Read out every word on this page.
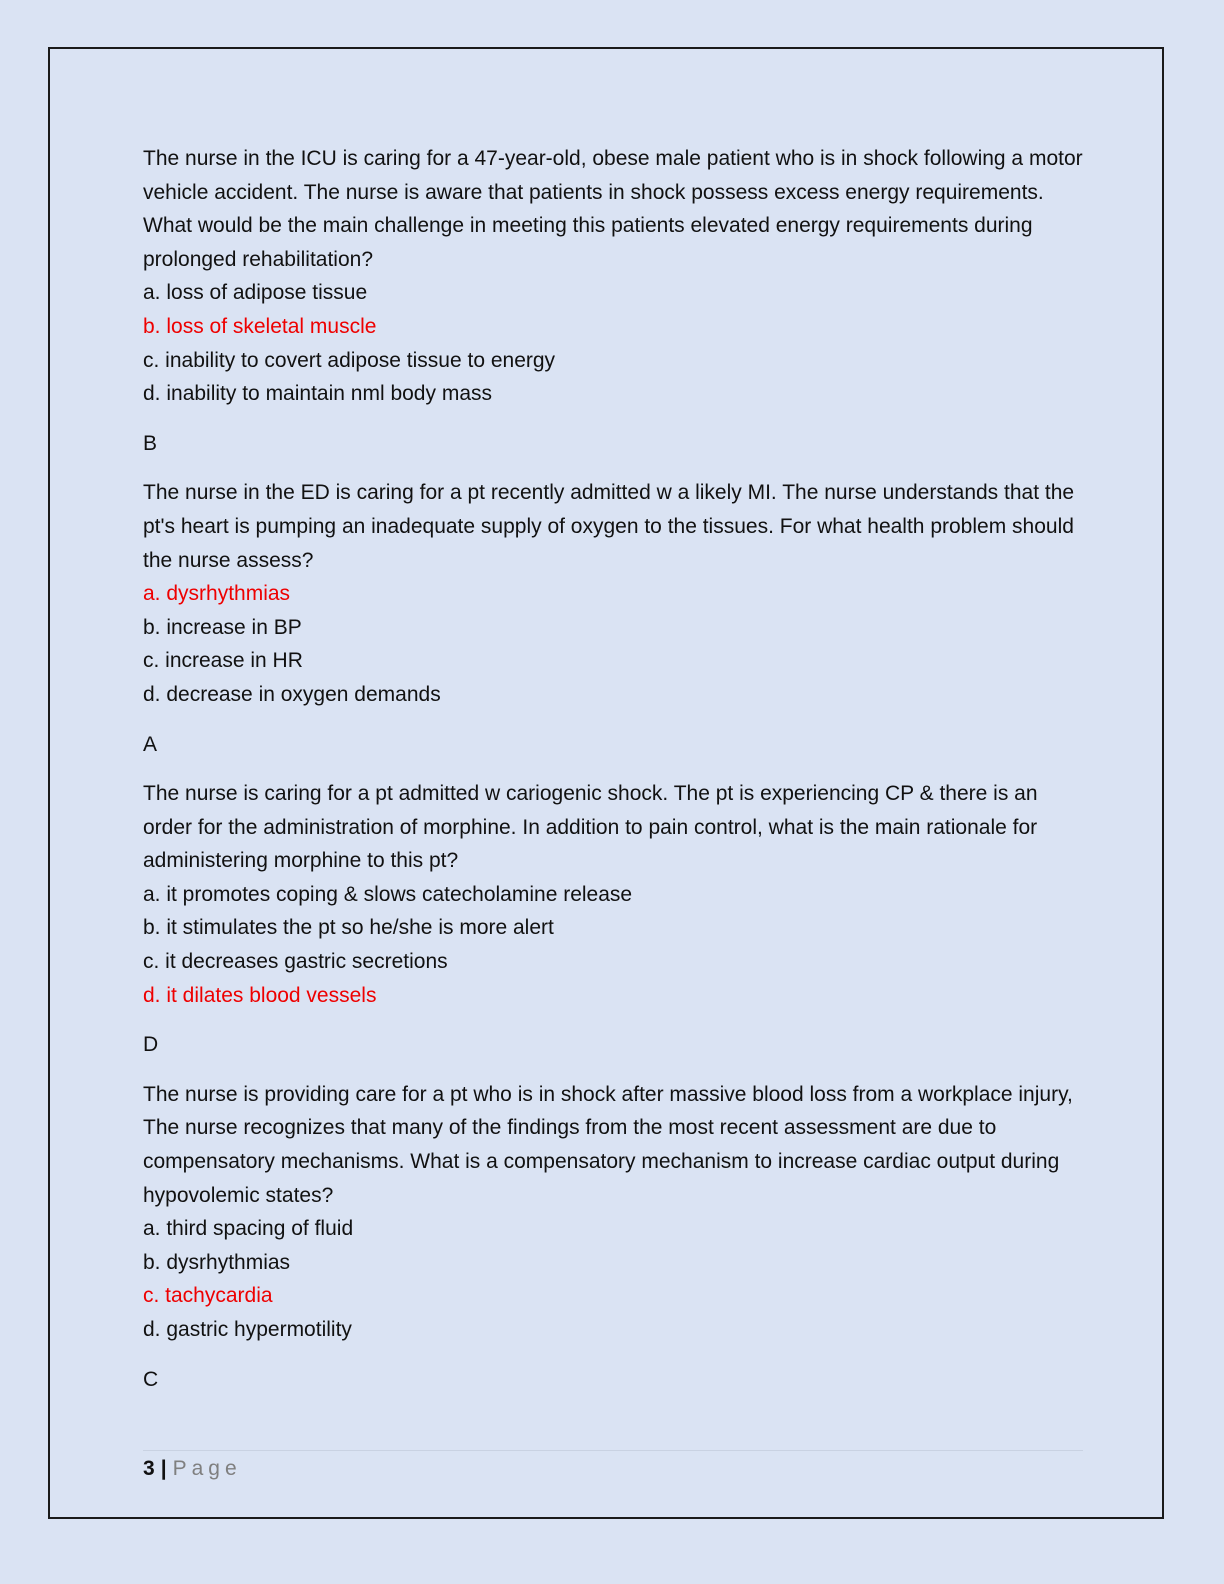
The nurse in the ICU is caring for a 47-year-old, obese male patient who is in shock following a motor vehicle accident. The nurse is aware that patients in shock possess excess energy requirements. What would be the main challenge in meeting this patients elevated energy requirements during prolonged rehabilitation?

a. loss of adipose tissue

b. loss of skeletal muscle

c. inability to covert adipose tissue to energy

d. inability to maintain nml body mass

B

The nurse in the ED is caring for a pt recently admitted w a likely MI. The nurse understands that the pt's heart is pumping an inadequate supply of oxygen to the tissues. For what health problem should the nurse assess?

a. dysrhythmias

b. increase in BP

c. increase in HR

d. decrease in oxygen demands

A

The nurse is caring for a pt admitted w cariogenic shock. The pt is experiencing CP & there is an order for the administration of morphine. In addition to pain control, what is the main rationale for administering morphine to this pt?

a. it promotes coping & slows catecholamine release

b. it stimulates the pt so he/she is more alert

c. it decreases gastric secretions

d. it dilates blood vessels

D

The nurse is providing care for a pt who is in shock after massive blood loss from a workplace injury, The nurse recognizes that many of the findings from the most recent assessment are due to compensatory mechanisms. What is a compensatory mechanism to increase cardiac output during hypovolemic states?

a. third spacing of fluid

b. dysrhythmias

c. tachycardia

d. gastric hypermotility

C

3 | Page
